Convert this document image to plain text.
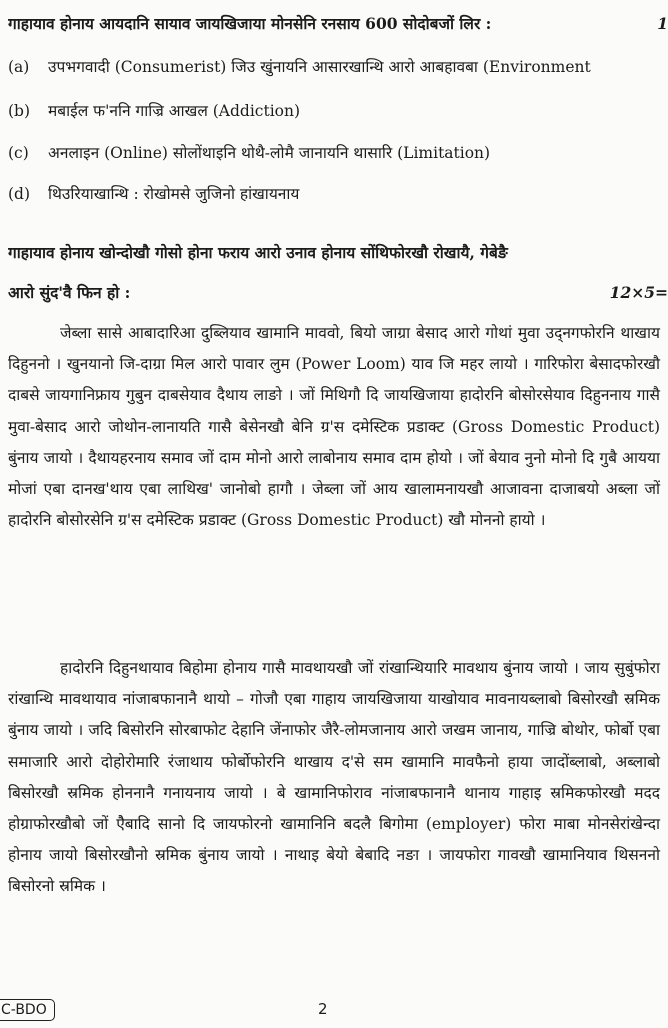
गाहायाव होनाय आयदानि सायाव जायखिजाया मोनसेनि रनसाय 600 सोदोबजों लिर :	1
(a) उपभगवादी (Consumerist) जिउ खुंनायनि आसारखान्थि आरो आबहावबा (Environment
(b) मबाईल फ'ननि गाज्रि आखल (Addiction)
(c) अनलाइन (Online) सोलोंथाइनि थोथै-लोमै जानायनि थासारि (Limitation)
(d) थिउरियाखान्थि : रोखोमसे जुजिनो हांखायनाय
गाहायाव होनाय खोन्दोखौ गोसो होना फराय आरो उनाव होनाय सोंथिफोरखौ रोखायै, गेबेङै
आरो सुंद'वै फिन हो :	12×5=
जेब्ला सासे आबादारिआ दुब्लियाव खामानि माववो, बियो जाग्रा बेसाद आरो गोथां मुवा उद्नगफोरनि थाखाय दिहुननो । खुनयानो जि-दाग्रा मिल आरो पावार लुम (Power Loom) याव जि महर लायो । गारिफोरा बेसादफोरखौ दाबसे जायगानिफ्राय गुबुन दाबसेयाव दैथाय लाङो । जों मिथिगौ दि जायखिजाया हादोरनि बोसोरसेयाव दिहुननाय गासै मुवा-बेसाद आरो जोथोन-लानायति गासै बेसेनखौ बेनि ग्र'स दमेस्टिक प्रडाक्ट (Gross Domestic Product) बुंनाय जायो । दैथायहरनाय समाव जों दाम मोनो आरो लाबोनाय समाव दाम होयो । जों बेयाव नुनो मोनो दि गुबै आयया मोजां एबा दानख'थाय एबा लाथिख' जानोबो हागौ । जेब्ला जों आय खालामनायखौ आजावना दाजाबयो अब्ला जों हादोरनि बोसोरसेनि ग्र'स दमेस्टिक प्रडाक्ट (Gross Domestic Product) खौ मोननो हायो ।
हादोरनि दिहुनथायाव बिहोमा होनाय गासै मावथायखौ जों रांखान्थियारि मावथाय बुंनाय जायो । जाय सुबुंफोरा रांखान्थि मावथायाव नांजाबफानानै थायो – गोजौ एबा गाहाय जायखिजाया याखोयाव मावनायब्लाबो बिसोरखौ स्रमिक बुंनाय जायो । जदि बिसोरनि सोरबाफोट देहानि जेंनाफोर जैरै-लोमजानाय आरो जखम जानाय, गाज्रि बोथोर, फोर्बो एबा समाजारि आरो दोहोरोमारि रंजाथाय फोर्बोफोरनि थाखाय द'से सम खामानि मावफैनो हाया जादोंब्लाबो, अब्लाबो बिसोरखौ स्रमिक होननानै गनायनाय जायो । बे खामानिफोराव नांजाबफानानै थानाय गाहाइ स्रमिकफोरखौ मदद होग्राफोरखौबो जों ऐैबादि सानो दि जायफोरनो खामानिनि बदलै बिगोमा (employer) फोरा माबा मोनसेरांखेन्दा होनाय जायो बिसोरखौनो स्रमिक बुंनाय जायो । नाथाइ बेयो बेबादि नङा । जायफोरा गावखौ खामानियाव थिसननो बिसोरनो स्रमिक ।
C-BDO	2
